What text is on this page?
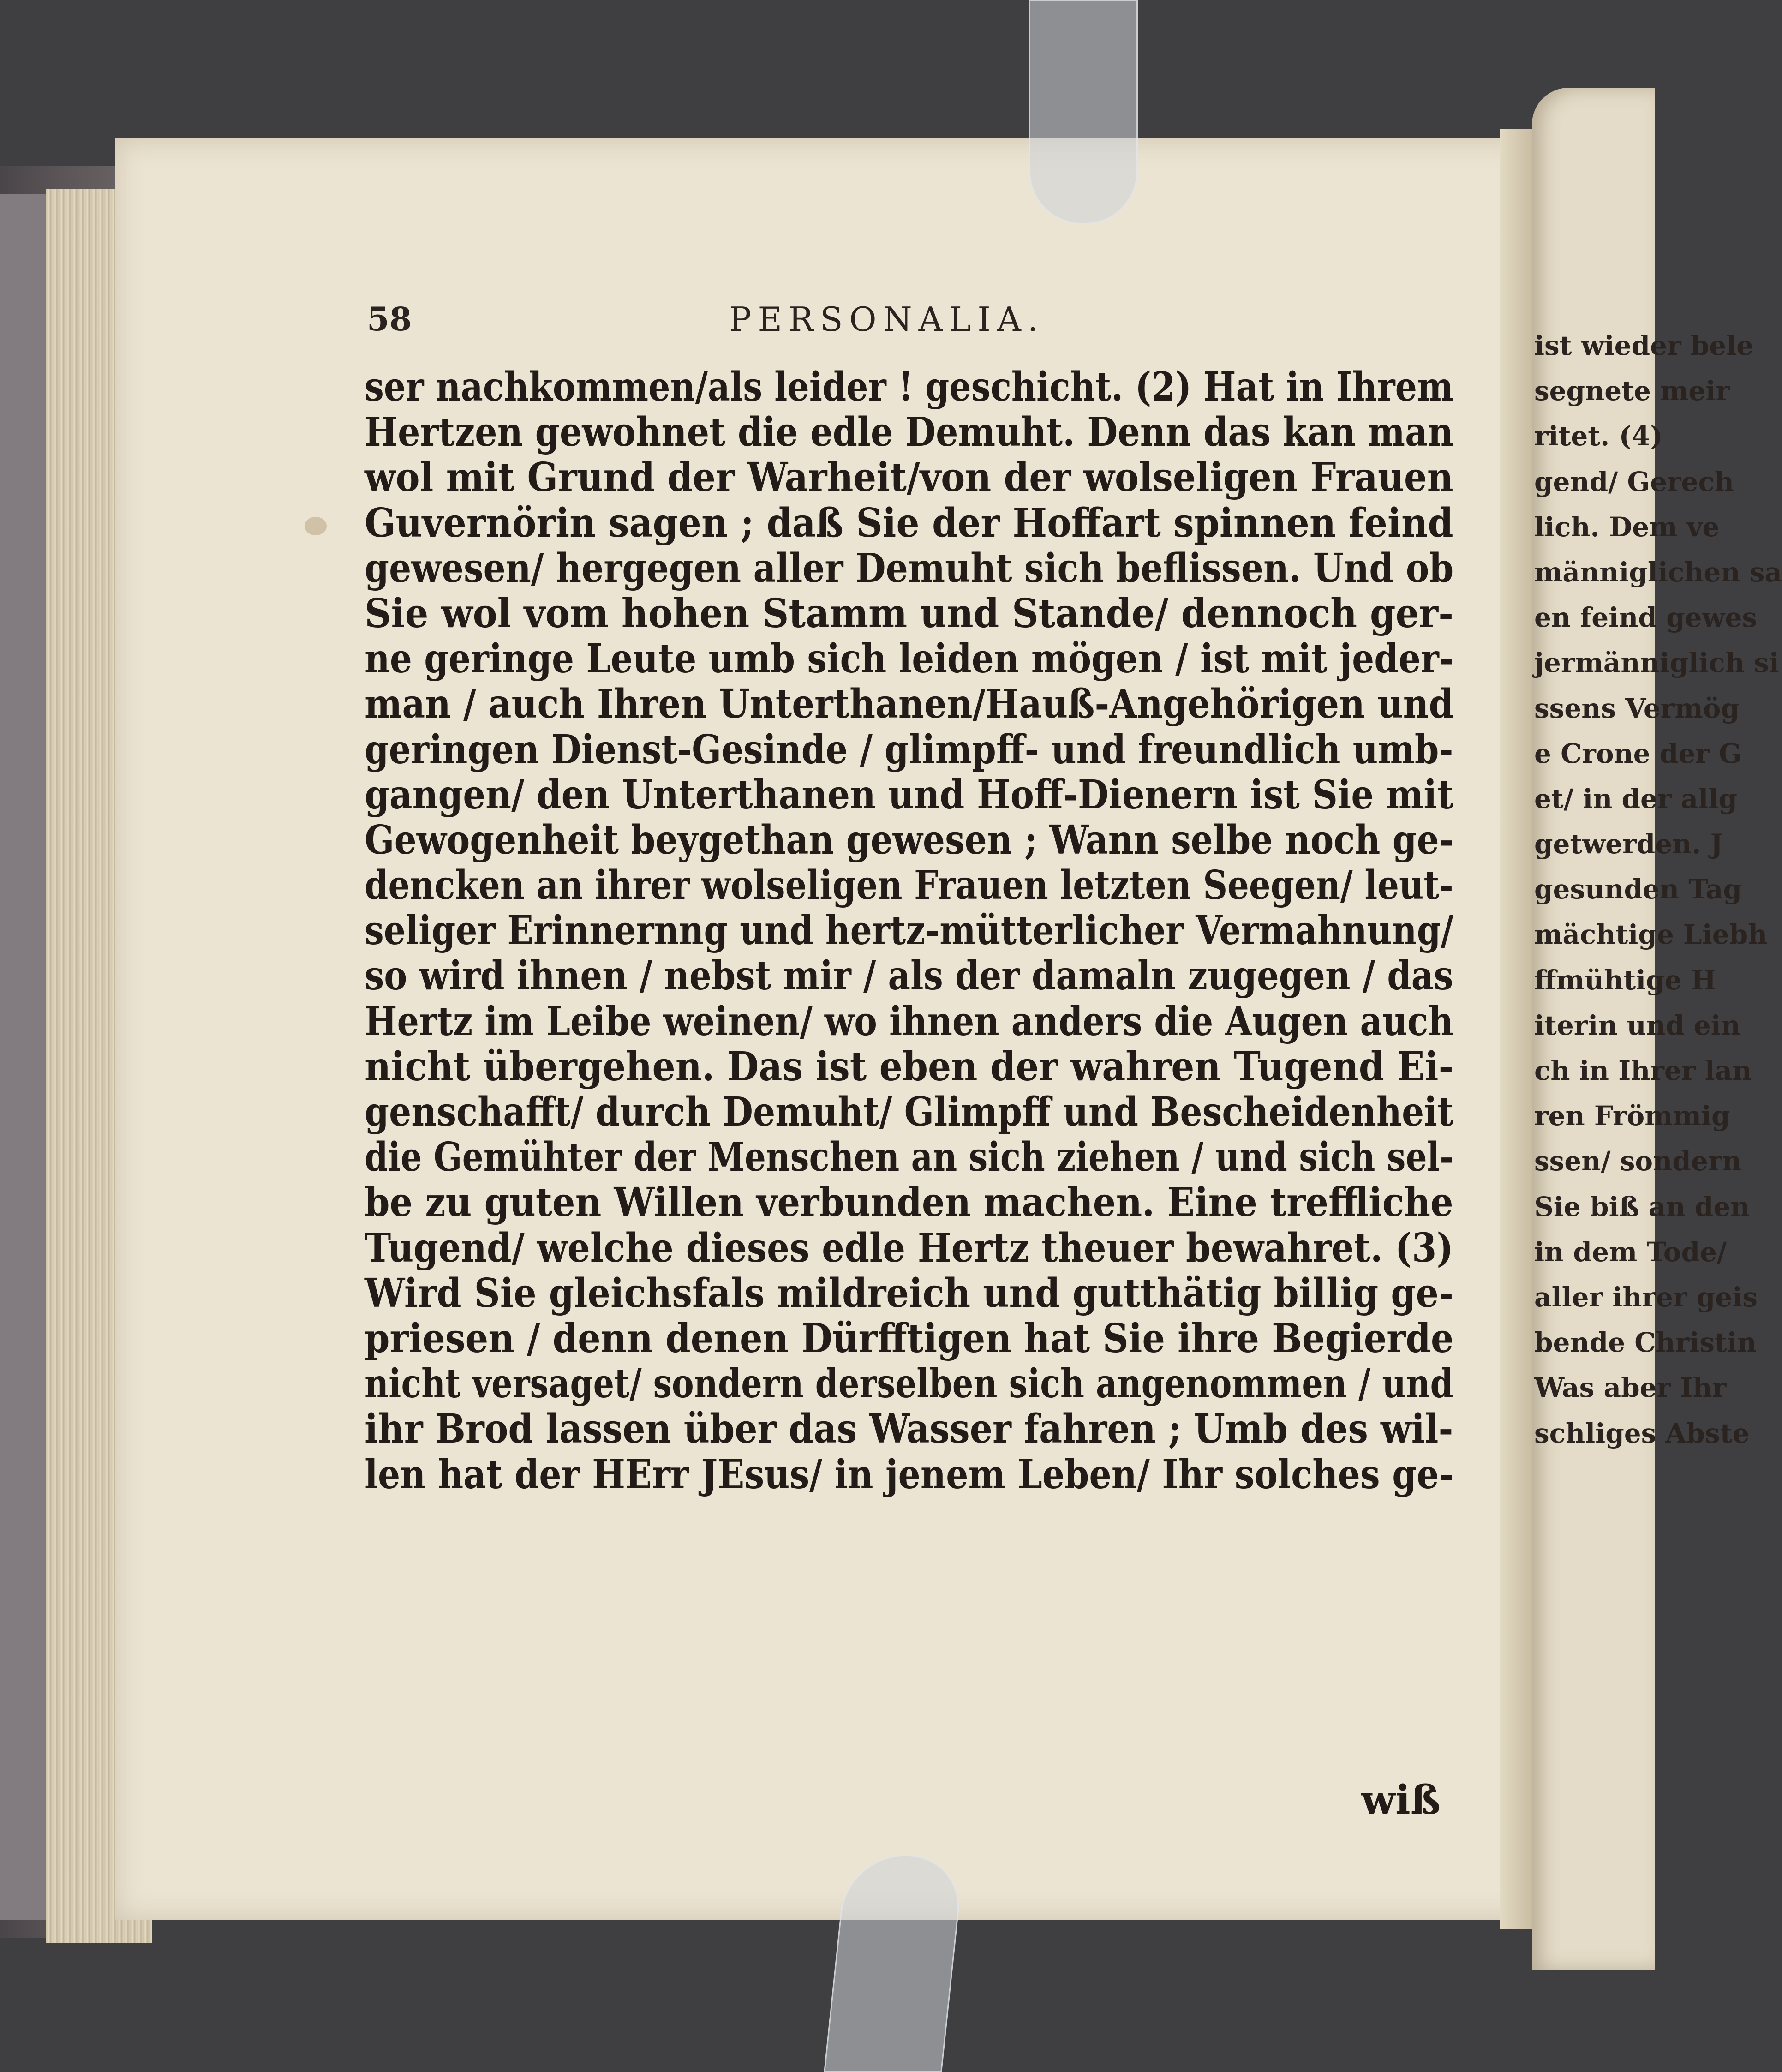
ist wieder bele
segnete meir
ritet. (4)
gend/ Gerech
lich. Dem ve
männiglichen sa
en feind gewes
jermänniglich si
ssens Vermög
e Crone der G
et/ in der allg
getwerden. J
gesunden Tag
mächtige Liebh
ffmühtige H
iterin und ein
ch in Ihrer lan
ren Frömmig
ssen/ sondern
Sie biß an den
in dem Tode/
aller ihrer geis
bende Christin
Was aber Ihr
schliges Abste
58	PERSONALIA.
ser nachkommen/als leider ! geschicht. (2) Hat in Ihrem
Hertzen gewohnet die edle Demuht. Denn das kan man
wol mit Grund der Warheit/von der wolseligen Frauen
Guvernörin sagen ; daß Sie der Hoffart spinnen feind
gewesen/ hergegen aller Demuht sich beflissen. Und ob
Sie wol vom hohen Stamm und Stande/ dennoch ger-
ne geringe Leute umb sich leiden mögen / ist mit jeder-
man / auch Ihren Unterthanen/Hauß-Angehörigen und
geringen Dienst-Gesinde / glimpff- und freundlich umb-
gangen/ den Unterthanen und Hoff-Dienern ist Sie mit
Gewogenheit beygethan gewesen ; Wann selbe noch ge-
dencken an ihrer wolseligen Frauen letzten Seegen/ leut-
seliger Erinnernng und hertz-mütterlicher Vermahnung/
so wird ihnen / nebst mir / als der damaln zugegen / das
Hertz im Leibe weinen/ wo ihnen anders die Augen auch
nicht übergehen. Das ist eben der wahren Tugend Ei-
genschafft/ durch Demuht/ Glimpff und Bescheidenheit
die Gemühter der Menschen an sich ziehen / und sich sel-
be zu guten Willen verbunden machen. Eine treffliche
Tugend/ welche dieses edle Hertz theuer bewahret. (3)
Wird Sie gleichsfals mildreich und gutthätig billig ge-
priesen / denn denen Dürfftigen hat Sie ihre Begierde
nicht versaget/ sondern derselben sich angenommen / und
ihr Brod lassen über das Wasser fahren ; Umb des wil-
len hat der HErr JEsus/ in jenem Leben/ Ihr solches ge-
wiß
